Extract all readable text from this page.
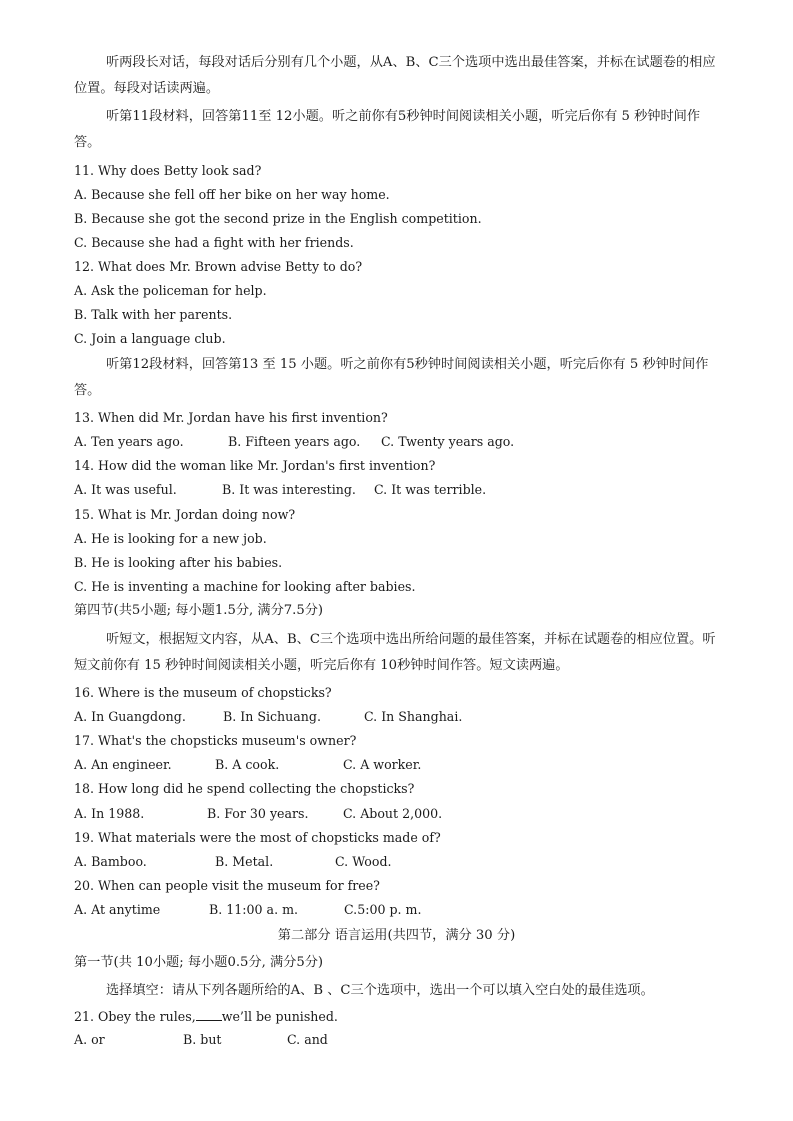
听两段长对话，每段对话后分别有几个小题，从A、B、C三个选项中选出最佳答案，并标在试题卷的相应位置。每段对话读两遍。
听第11段材料，回答第11至 12小题。听之前你有5秒钟时间阅读相关小题，听完后你有 5 秒钟时间作答。
11. Why does Betty look sad?
A. Because she fell off her bike on her way home.
B. Because she got the second prize in the English competition.
C. Because she had a fight with her friends.
12. What does Mr. Brown advise Betty to do?
A. Ask the policeman for help.
B. Talk with her parents.
C. Join a language club.
听第12段材料，回答第13 至 15 小题。听之前你有5秒钟时间阅读相关小题，听完后你有 5 秒钟时间作答。
13. When did Mr. Jordan have his first invention?
A. Ten years ago.	B. Fifteen years ago.	C. Twenty years ago.
14. How did the woman like Mr. Jordan's first invention?
A. It was useful.	B. It was interesting.	C. It was terrible.
15. What is Mr. Jordan doing now?
A. He is looking for a new job.
B. He is looking after his babies.
C. He is inventing a machine for looking after babies.
第四节(共5小题; 每小题1.5分, 满分7.5分)
听短文，根据短文内容，从A、B、C三个选项中选出所给问题的最佳答案，并标在试题卷的相应位置。听短文前你有 15 秒钟时间阅读相关小题，听完后你有 10秒钟时间作答。短文读两遍。
16. Where is the museum of chopsticks?
A. In Guangdong.	B. In Sichuang.	C. In Shanghai.
17. What's the chopsticks museum's owner?
A. An engineer.	B. A cook.	C. A worker.
18. How long did he spend collecting the chopsticks?
A. In 1988.	B. For 30 years.	C. About 2,000.
19. What materials were the most of chopsticks made of?
A. Bamboo.	B. Metal.	C. Wood.
20. When can people visit the museum for free?
A. At anytime	B. 11:00 a. m.	C.5:00 p. m.
第二部分 语言运用(共四节，满分 30 分)
第一节(共 10小题; 每小题0.5分, 满分5分)
选择填空：请从下列各题所给的A、B 、C三个选项中，选出一个可以填入空白处的最佳选项。
21. Obey the rules, we’ll be punished.
A. or	B. but	C. and
